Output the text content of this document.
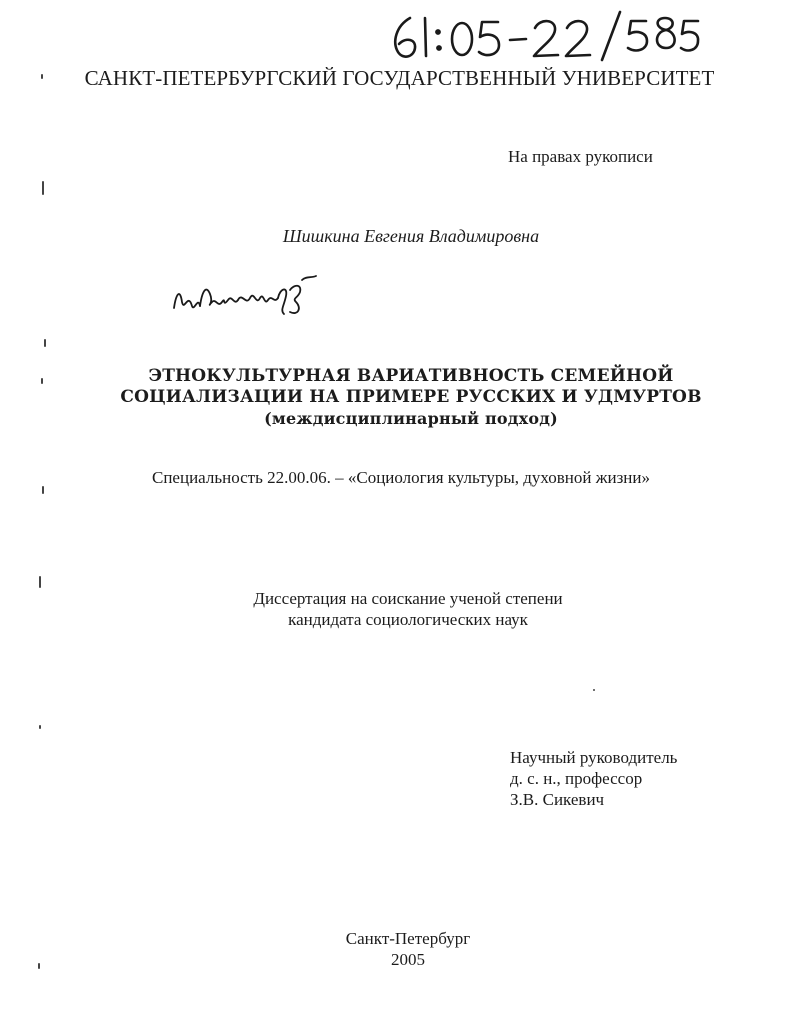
САНКТ-ПЕТЕРБУРГСКИЙ ГОСУДАРСТВЕННЫЙ УНИВЕРСИТЕТ
На правах рукописи
Шишкина Евгения Владимировна
ЭТНОКУЛЬТУРНАЯ ВАРИАТИВНОСТЬ СЕМЕЙНОЙ
СОЦИАЛИЗАЦИИ НА ПРИМЕРЕ РУССКИХ И УДМУРТОВ
(междисциплинарный подход)
Специальность 22.00.06. – «Социология культуры, духовной жизни»
Диссертация на соискание ученой степени
кандидата социологических наук
Научный руководитель
д. с. н., профессор
З.В. Сикевич
Санкт-Петербург
2005
